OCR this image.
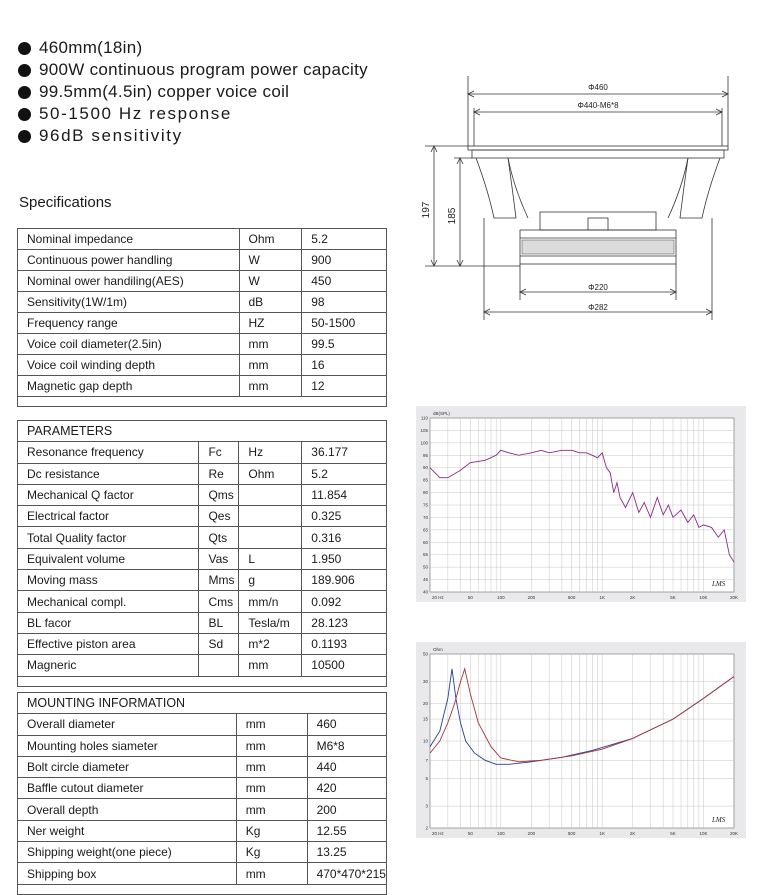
460mm(18in)
900W continuous program power capacity
99.5mm(4.5in) copper voice coil
50-1500 Hz response
96dB sensitivity
Specifications
Nominal impedance	Ohm	5.2
Continuous power handling	W	900
Nominal ower handiling(AES)	W	450
Sensitivity(1W/1m)	dB	98
Frequency range	HZ	50-1500
Voice coil diameter(2.5in)	mm	99.5
Voice coil winding depth	mm	16
Magnetic gap depth	mm	12

PARAMETERS			
Resonance frequency	Fc	Hz	36.177
Dc resistance	Re	Ohm	5.2
Mechanical Q factor	Qms		11.854
Electrical factor	Qes		0.325
Total Quality factor	Qts		0.316
Equivalent volume	Vas	L	1.950
Moving mass	Mms	g	189.906
Mechanical compl.	Cms	mm/n	0.092
BL facor	BL	Tesla/m	28.123
Effective piston area	Sd	m*2	0.1193
Magneric		mm	10500

MOUNTING INFORMATION		
Overall diameter	mm	460
Mounting holes siameter	mm	M6*8
Bolt circle diameter	mm	440
Baffle cutout diameter	mm	420
Overall depth	mm	200
Ner weight	Kg	12.55
Shipping weight(one piece)	Kg	13.25
Shipping box	mm	470*470*215

Φ460
Φ440-M6*8
Φ220
Φ282
197 185
20 Hz	50	100	200	500	1K	2K	5K	10K	20K
110
105
100
95
90
85
80
75
70
65
60
55
50
45
40
dB(SPL)
LMS
20 Hz	50	100	200	500	1K	2K	5K	10K	20K
50
30
20
15
10
7
5
3
2
Ohm
LMS
